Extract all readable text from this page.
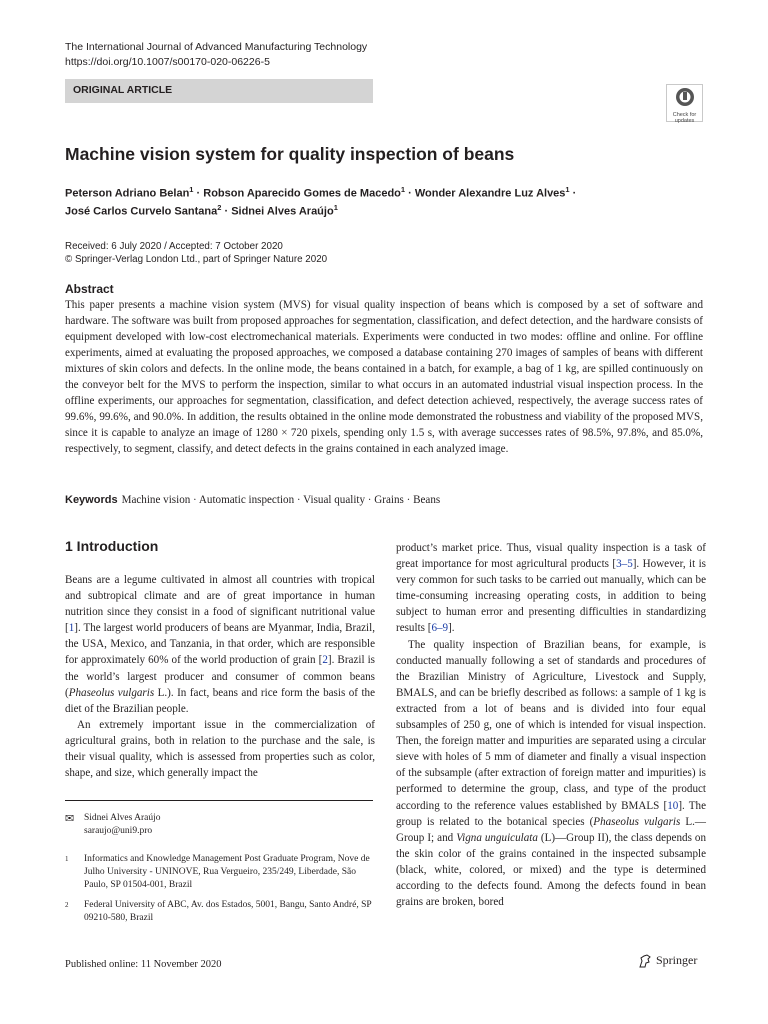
The International Journal of Advanced Manufacturing Technology
https://doi.org/10.1007/s00170-020-06226-5
ORIGINAL ARTICLE
Check for
updates
Machine vision system for quality inspection of beans
Peterson Adriano Belan$^1$ · Robson Aparecido Gomes de Macedo$^1$ · Wonder Alexandre Luz Alves$^1$ ·
José Carlos Curvelo Santana$^2$ · Sidnei Alves Araújo$^1$
Received: 6 July 2020 / Accepted: 7 October 2020
© Springer-Verlag London Ltd., part of Springer Nature 2020
Abstract

This paper presents a machine vision system (MVS) for visual quality inspection of beans which is composed by a set of software and hardware. The software was built from proposed approaches for segmentation, classification, and defect detection, and the hardware consists of equipment developed with low-cost electromechanical materials. Experiments were conducted in two modes: offline and online. For offline experiments, aimed at evaluating the proposed approaches, we composed a database containing 270 images of samples of beans with different mixtures of skin colors and defects. In the online mode, the beans contained in a batch, for example, a bag of 1 kg, are spilled continuously on the conveyor belt for the MVS to perform the inspection, similar to what occurs in an automated industrial visual inspection process. In the offline experiments, our approaches for segmentation, classification, and defect detection achieved, respectively, the average success rates of 99.6%, 99.6%, and 90.0%. In addition, the results obtained in the online mode demonstrated the robustness and viability of the proposed MVS, since it is capable to analyze an image of 1280 × 720 pixels, spending only 1.5 s, with average successes rates of 98.5%, 97.8%, and 85.0%, respectively, to segment, classify, and detect defects in the grains contained in each analyzed image.

Keywords Machine vision · Automatic inspection · Visual quality · Grains · Beans
1 Introduction

Beans are a legume cultivated in almost all countries with tropical and subtropical climate and are of great importance in human nutrition since they consist in a food of significant nutritional value [1]. The largest world producers of beans are Myanmar, India, Brazil, the USA, Mexico, and Tanzania, in that order, which are responsible for approximately 60% of the world production of grain [2]. Brazil is the world’s largest producer and consumer of common beans (Phaseolus vulgaris L.). In fact, beans and rice form the basis of the diet of the Brazilian people.

An extremely important issue in the commercialization of agricultural grains, both in relation to the purchase and the sale, is their visual quality, which is assessed from properties such as color, shape, and size, which generally impact the

✉ Sidnei Alves Araújo
saraujo@uni9.pro
1 Informatics and Knowledge Management Post Graduate Program, Nove de Julho University - UNINOVE, Rua Vergueiro, 235/249, Liberdade, São Paulo, SP 01504-001, Brazil
2 Federal University of ABC, Av. dos Estados, 5001, Bangu, Santo André, SP 09210-580, Brazil

product’s market price. Thus, visual quality inspection is a task of great importance for most agricultural products [3–5]. However, it is very common for such tasks to be carried out manually, which can be time-consuming increasing operating costs, in addition to being subject to human error and presenting difficulties in standardizing results [6–9].

The quality inspection of Brazilian beans, for example, is conducted manually following a set of standards and procedures of the Brazilian Ministry of Agriculture, Livestock and Supply, BMALS, and can be briefly described as follows: a sample of 1 kg is extracted from a lot of beans and is divided into four equal subsamples of 250 g, one of which is intended for visual inspection. Then, the foreign matter and impurities are separated using a circular sieve with holes of 5 mm of diameter and finally a visual inspection of the subsample (after extraction of foreign matter and impurities) is performed to determine the group, class, and type of the product according to the reference values established by BMALS [10]. The group is related to the botanical species (Phaseolus vulgaris L.—Group I; and Vigna unguiculata (L)—Group II), the class depends on the skin color of the grains contained in the inspected subsample (black, white, colored, or mixed) and the type is determined according to the defects found. Among the defects found in bean grains are broken, bored

Published online: 11 November 2020	Springer
